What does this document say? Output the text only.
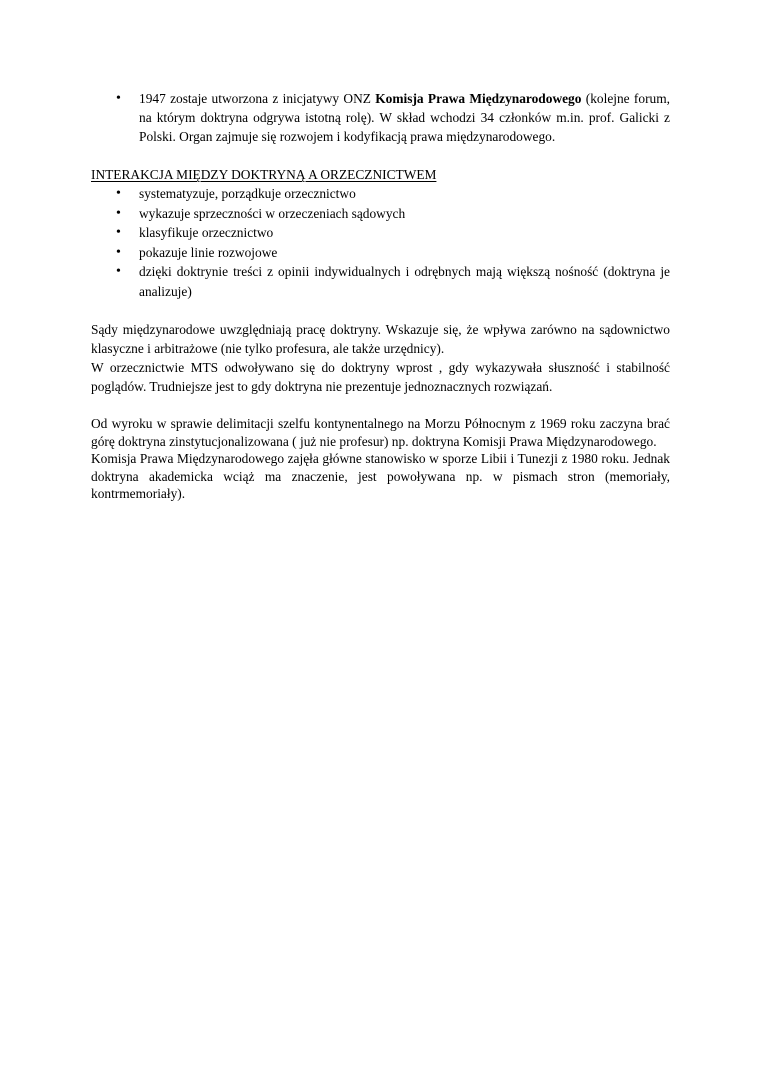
• 1947 zostaje utworzona z inicjatywy ONZ Komisja Prawa Międzynarodowego (kolejne forum, na którym doktryna odgrywa istotną rolę). W skład wchodzi 34 członków m.in. prof. Galicki z Polski. Organ zajmuje się rozwojem i kodyfikacją prawa międzynarodowego.
INTERAKCJA MIĘDZY DOKTRYNĄ A ORZECZNICTWEM
• systematyzuje, porządkuje orzecznictwo
• wykazuje sprzeczności w orzeczeniach sądowych
• klasyfikuje orzecznictwo
• pokazuje linie rozwojowe
• dzięki doktrynie treści z opinii indywidualnych i odrębnych mają większą nośność (doktryna je analizuje)

Sądy międzynarodowe uwzględniają pracę doktryny. Wskazuje się, że wpływa zarówno na sądownictwo klasyczne i arbitrażowe (nie tylko profesura, ale także urzędnicy).

W orzecznictwie MTS odwoływano się do doktryny wprost , gdy wykazywała słuszność i stabilność poglądów. Trudniejsze jest to gdy doktryna nie prezentuje jednoznacznych rozwiązań.

Od wyroku w sprawie delimitacji szelfu kontynentalnego na Morzu Północnym z 1969 roku zaczyna brać górę doktryna zinstytucjonalizowana ( już nie profesur) np. doktryna Komisji Prawa Międzynarodowego.

Komisja Prawa Międzynarodowego zajęła główne stanowisko w sporze Libii i Tunezji z 1980 roku. Jednak doktryna akademicka wciąż ma znaczenie, jest powoływana np. w pismach stron (memoriały, kontrmemoriały).
